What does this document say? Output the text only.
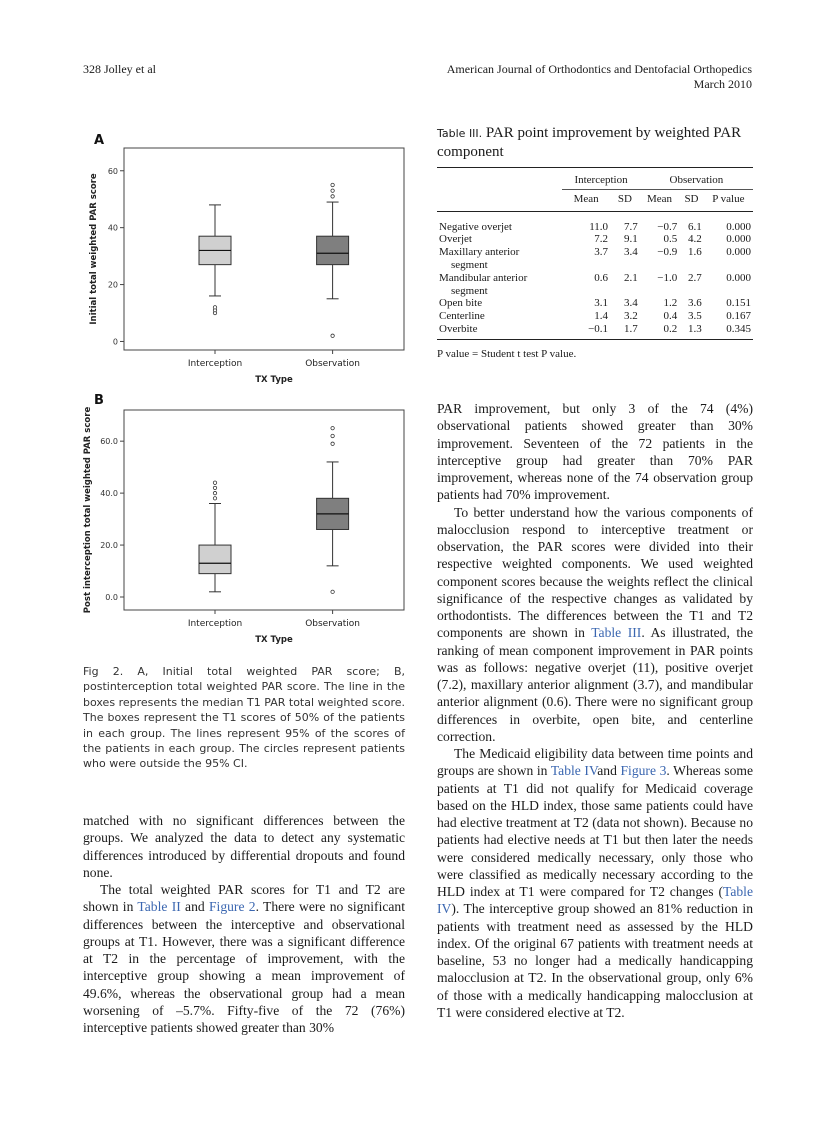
328 Jolley et al	American Journal of Orthodontics and Dentofacial Orthopedics
March 2010
A
0
20
40
60
Initial total weighted PAR score
Interception	Observation
TX Type
B
0.0
20.0
40.0
60.0
Post interception total weighted PAR score
Interception	Observation
TX Type
Fig 2. A, Initial total weighted PAR score; B, postinterception total weighted PAR score. The line in the boxes represents the median T1 PAR total weighted score. The boxes represent the T1 scores of 50% of the patients in each group. The lines represent 95% of the scores of the patients in each group. The circles represent patients who were outside the 95% CI.
Table III. PAR point improvement by weighted PAR component
	Interception		Observation		
	Mean	SD	Mean	SD	P value

Negative overjet	11.0	7.7	−0.7	6.1	0.000

Overjet	7.2	9.1	0.5	4.2	0.000

Maxillary anterior
segment	3.7	3.4	−0.9	1.6	0.000

Mandibular anterior
segment	0.6	2.1	−1.0	2.7	0.000

Open bite	3.1	3.4	1.2	3.6	0.151

Centerline	1.4	3.2	0.4	3.5	0.167

Overbite	−0.1	1.7	0.2	1.3	0.345
P value = Student t test P value.

matched with no significant differences between the groups. We analyzed the data to detect any systematic differences introduced by differential dropouts and found none.

The total weighted PAR scores for T1 and T2 are shown in Table II and Figure 2. There were no significant differences between the interceptive and observational groups at T1. However, there was a significant difference at T2 in the percentage of improvement, with the interceptive group showing a mean improvement of 49.6%, whereas the observational group had a mean worsening of –5.7%. Fifty-five of the 72 (76%) interceptive patients showed greater than 30%

PAR improvement, but only 3 of the 74 (4%) observational patients showed greater than 30% improvement. Seventeen of the 72 patients in the interceptive group had greater than 70% PAR improvement, whereas none of the 74 observation group patients had 70% improvement.

To better understand how the various components of malocclusion respond to interceptive treatment or observation, the PAR scores were divided into their respective weighted components. We used weighted component scores because the weights reflect the clinical significance of the respective changes as validated by orthodontists. The differences between the T1 and T2 components are shown in Table III. As illustrated, the ranking of mean component improvement in PAR points was as follows: negative overjet (11), positive overjet (7.2), maxillary anterior alignment (3.7), and mandibular anterior alignment (0.6). There were no significant group differences in overbite, open bite, and centerline correction.

The Medicaid eligibility data between time points and groups are shown in Table IVand Figure 3. Whereas some patients at T1 did not qualify for Medicaid coverage based on the HLD index, those same patients could have had elective treatment at T2 (data not shown). Because no patients had elective needs at T1 but then later the needs were considered medically necessary, only those who were classified as medically necessary according to the HLD index at T1 were compared for T2 changes (Table IV). The interceptive group showed an 81% reduction in patients with treatment need as assessed by the HLD index. Of the original 67 patients with treatment needs at baseline, 53 no longer had a medically handicapping malocclusion at T2. In the observational group, only 6% of those with a medically handicapping malocclusion at T1 were considered elective at T2.
